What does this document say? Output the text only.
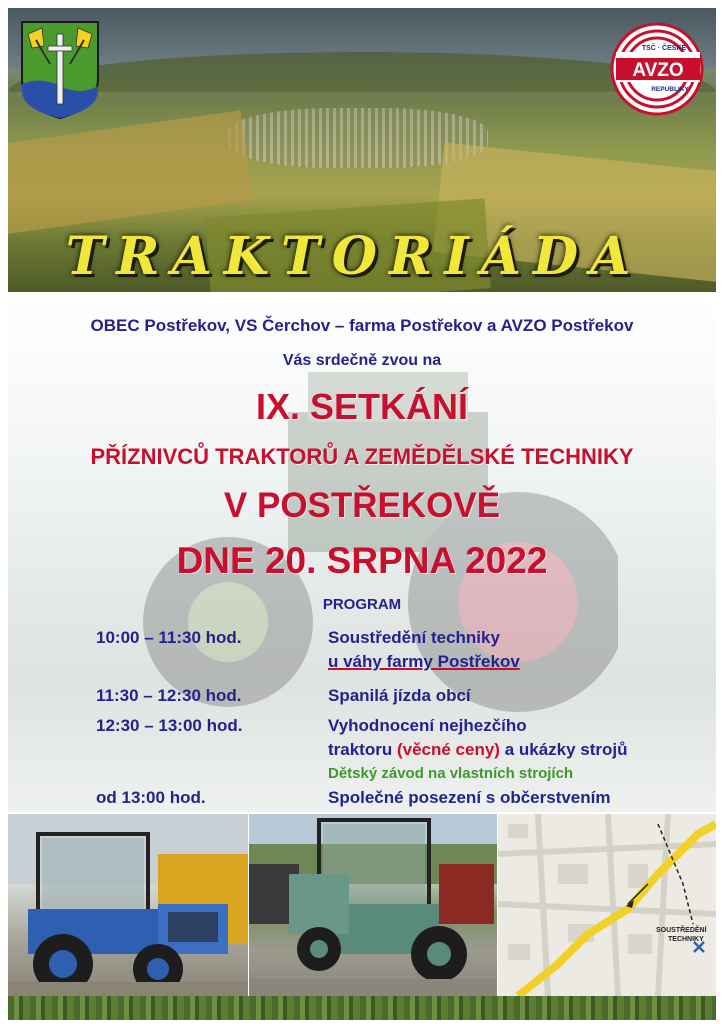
AVZO
TSČ · ČESKÉ
REPUBLIKY
TRAKTORIÁDA
OBEC Postřekov, VS Čerchov – farma Postřekov a AVZO Postřekov
Vás srdečně zvou na
IX. SETKÁNÍ
PŘÍZNIVCŮ TRAKTORŮ A ZEMĚDĚLSKÉ TECHNIKY
V POSTŘEKOVĚ
DNE 20. SRPNA 2022
PROGRAM
10:00 – 11:30 hod.	Soustředění techniky
u váhy farmy Postřekov
11:30 – 12:30 hod.	Spanilá jízda obcí
12:30 – 13:00 hod.	Vyhodnocení nejhezčího
traktoru (věcné ceny) a ukázky strojů
Dětský závod na vlastních strojích
od 13:00 hod.	Společné posezení s občerstvením
SOUSTŘEDĚNÍ
TECHNIKY
